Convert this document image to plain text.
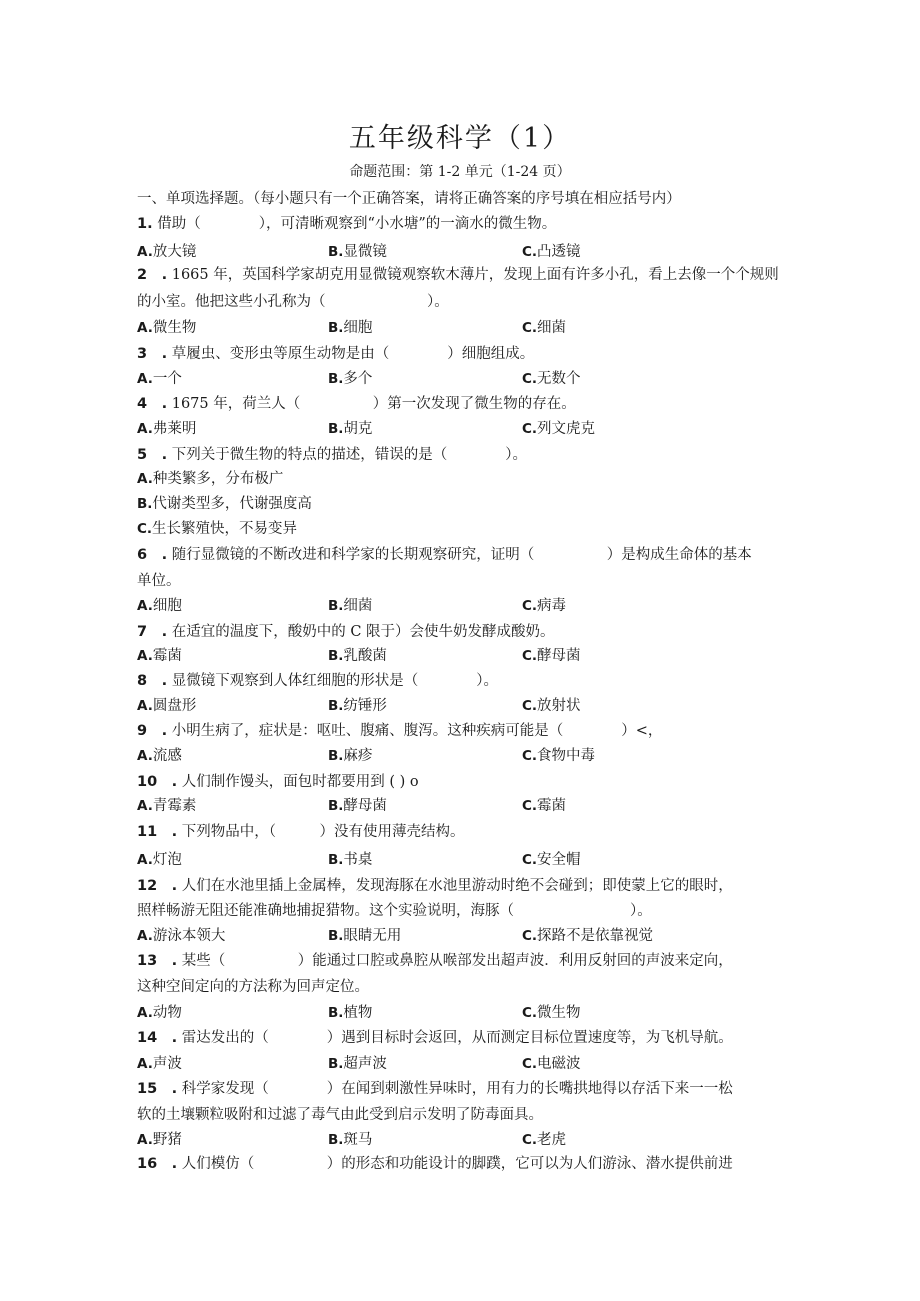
五年级科学（1）
命题范围：第 1-2 单元（1-24 页）
一、单项选择题。（每小题只有一个正确答案，请将正确答案的序号填在相应括号内）
1. 借助（　　　　），可清晰观察到“小水塘”的一滴水的微生物。
A.放大镜	B.显微镜	C.凸透镜
2　. 1665 年，英国科学家胡克用显微镜观察软木薄片，发现上面有许多小孔，看上去像一个个规则
的小室。他把这些小孔称为（　　　　　　　）。
A.微生物	B.细胞	C.细菌
3　. 草履虫、变形虫等原生动物是由（　　　　）细胞组成。
A.一个	B.多个	C.无数个
4　. 1675 年，荷兰人（　　　　　）第一次发现了微生物的存在。
A.弗莱明	B.胡克	C.列文虎克
5　. 下列关于微生物的特点的描述，错误的是（　　　　）。
A.种类繁多，分布极广
B.代谢类型多，代谢强度高
C.生长繁殖快，不易变异
6　. 随行显微镜的不断改进和科学家的长期观察研究，证明（　　　　　）是构成生命体的基本
单位。
A.细胞	B.细菌	C.病毒
7　. 在适宜的温度下，酸奶中的 C 限于）会使牛奶发酵成酸奶。
A.霉菌	B.乳酸菌	C.酵母菌
8　. 显微镜下观察到人体红细胞的形状是（　　　　）。
A.圆盘形	B.纺锤形	C.放射状
9　. 小明生病了，症状是：呕吐、腹痛、腹泻。这种疾病可能是（　　　　）<，
A.流感	B.麻疹	C.食物中毒
10　. 人们制作馒头，面包时都要用到 ( ) o
A.青霉素	B.酵母菌	C.霉菌
11　. 下列物品中，（　　　）没有使用薄壳结构。
A.灯泡	B.书桌	C.安全帽
12　. 人们在水池里插上金属棒，发现海豚在水池里游动时绝不会碰到；即使蒙上它的眼时，
照样畅游无阻还能准确地捕捉猎物。这个实验说明，海豚（　　　　　　　　）。
A.游泳本领大	B.眼睛无用	C.探路不是依靠视觉
13　. 某些（　　　　　）能通过口腔或鼻腔从喉部发出超声波．利用反射回的声波来定向，
这种空间定向的方法称为回声定位。
A.动物	B.植物	C.微生物
14　. 雷达发出的（　　　　）遇到目标时会返回，从而测定目标位置速度等，为飞机导航。
A.声波	B.超声波	C.电磁波
15　. 科学家发现（　　　　）在闻到刺激性异味时，用有力的长嘴拱地得以存活下来一一松
软的土壤颗粒吸附和过滤了毒气由此受到启示发明了防毒面具。
A.野猪	B.斑马	C.老虎
16　. 人们模仿（　　　　　）的形态和功能设计的脚蹼，它可以为人们游泳、潜水提供前进
